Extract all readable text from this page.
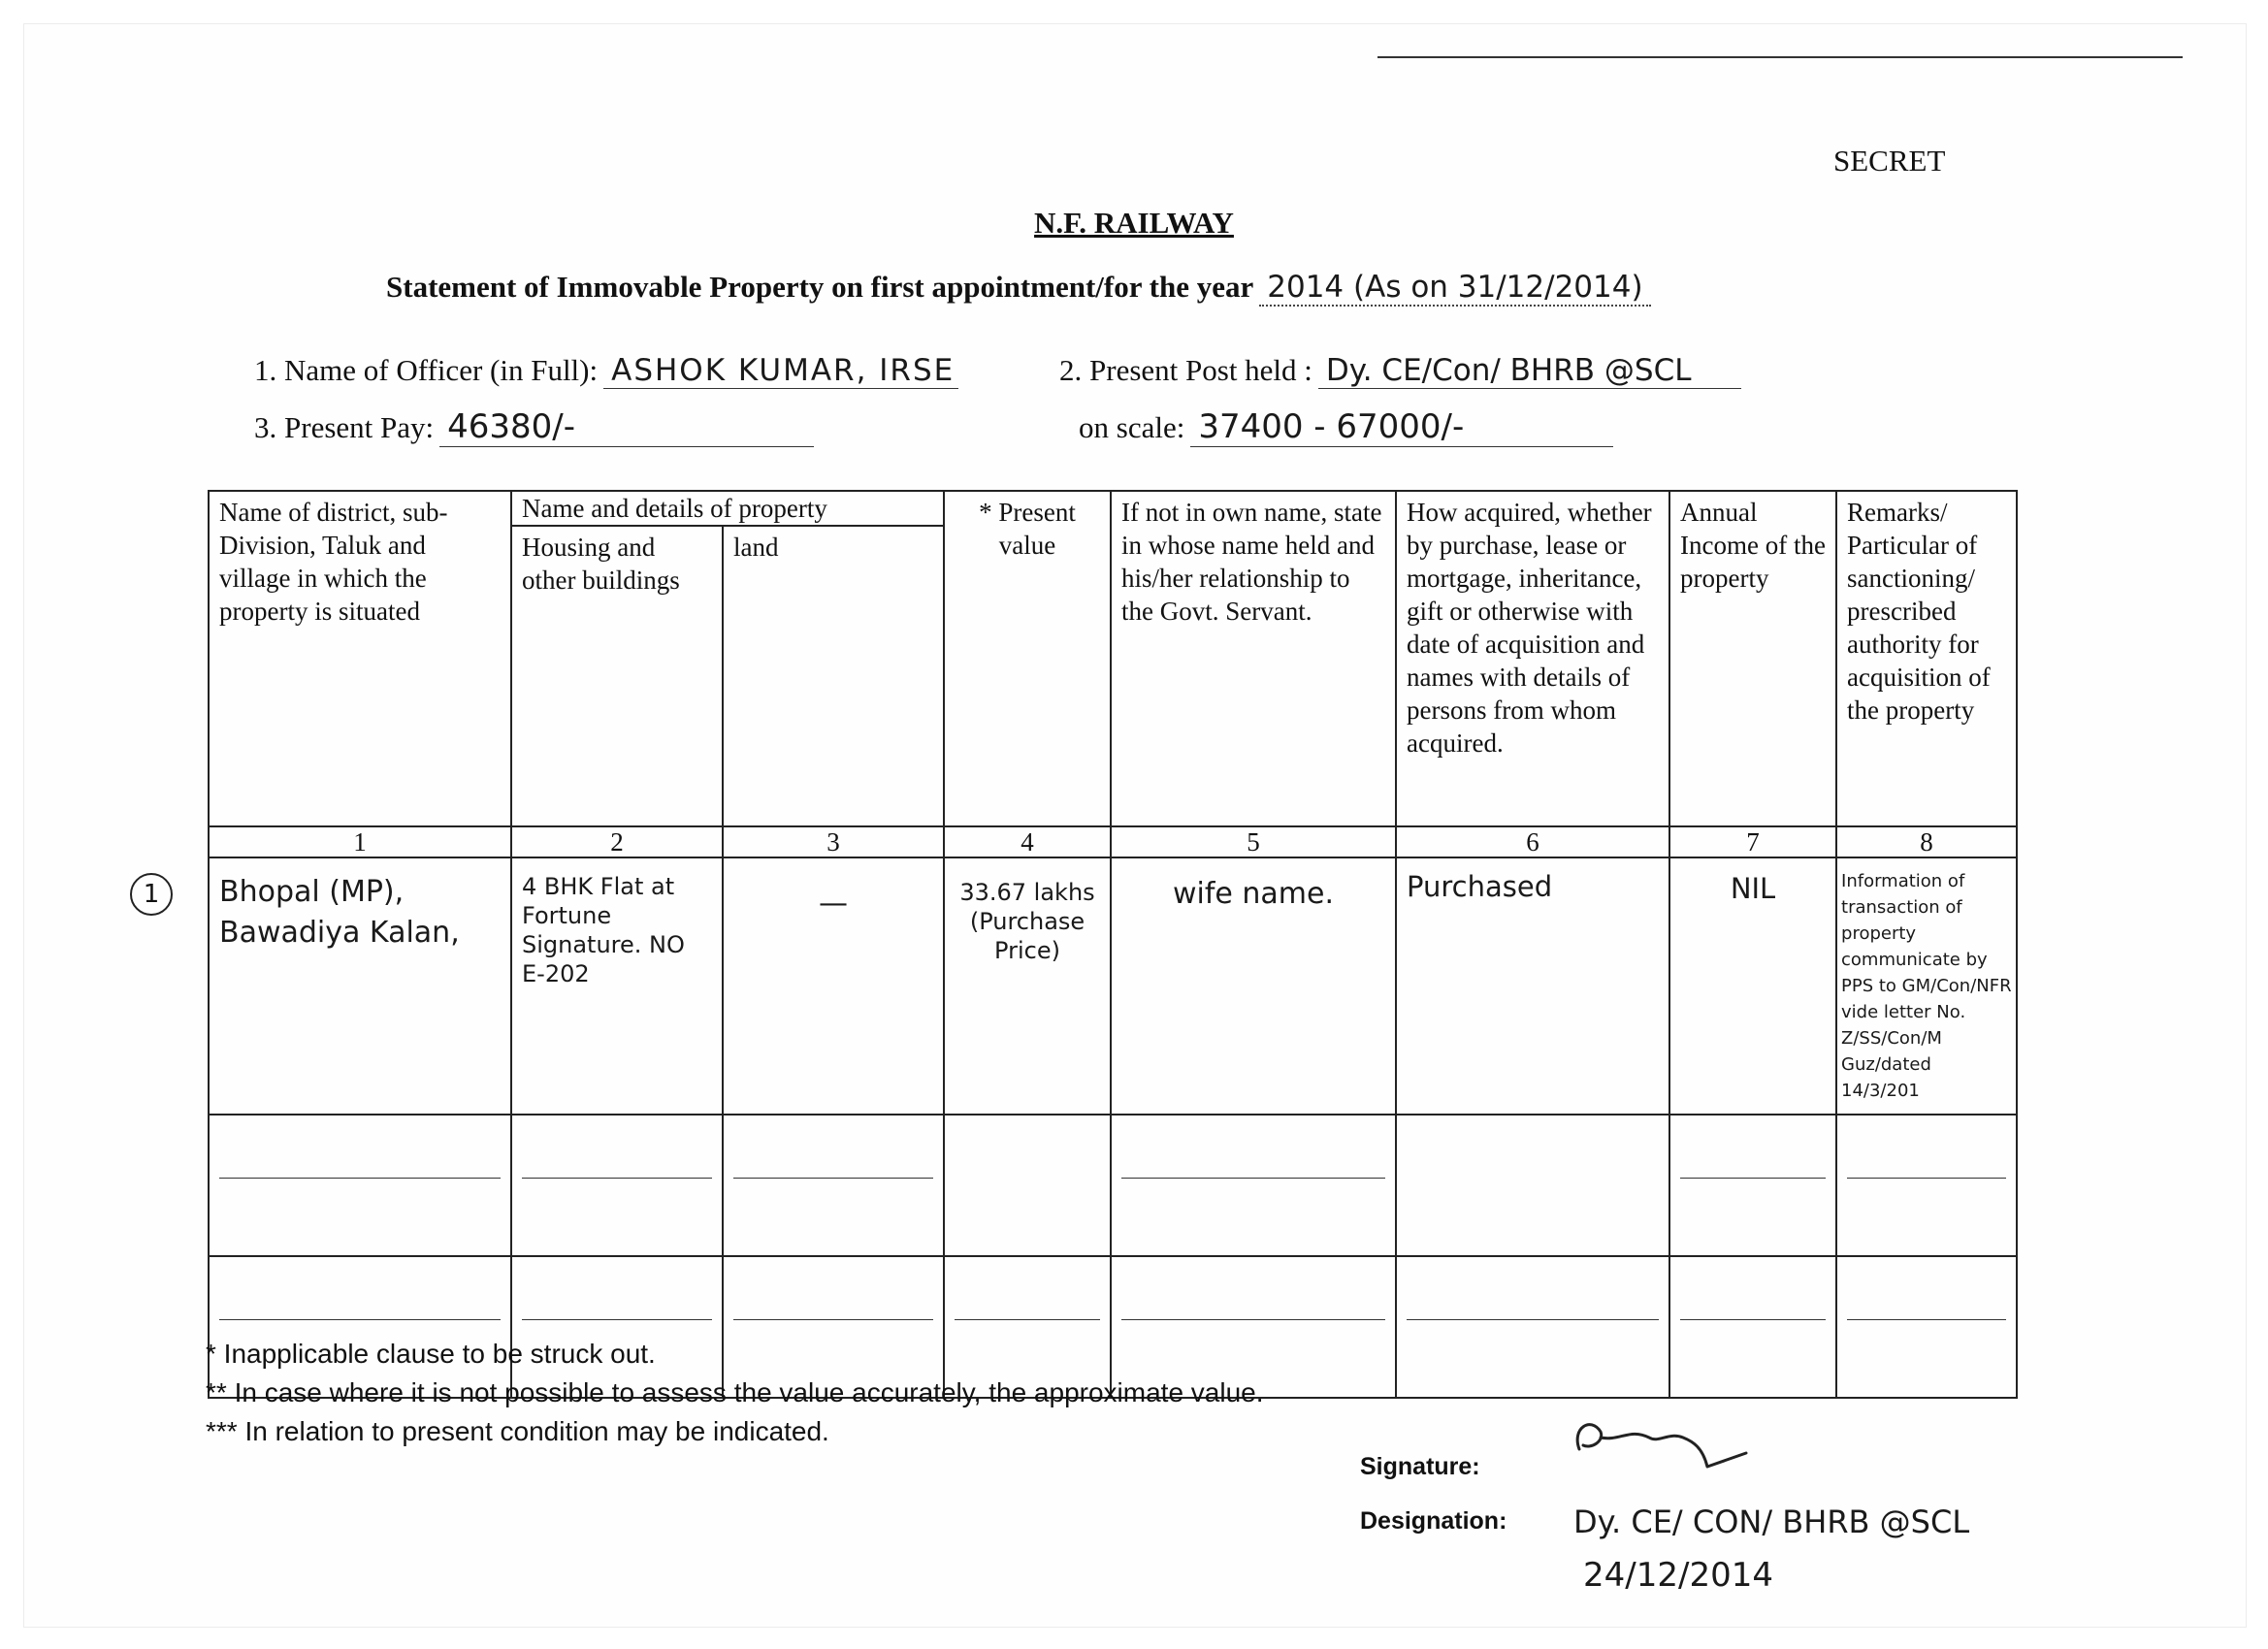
SECRET
N.F. RAILWAY
Statement of Immovable Property on first appointment/for the year 2014 (As on 31/12/2014)
1. Name of Officer (in Full): ASHOK KUMAR, IRSE	2. Present Post held : Dy. CE/Con/ BHRB @SCL
3. Present Pay: 46380/-	on scale: 37400 - 67000/-
Name of district, sub-Division, Taluk and village in which the property is situated	Name and details of property		* Present value	If not in own name, state in whose name held and his/her relationship to the Govt. Servant.	How acquired, whether by purchase, lease or mortgage, inheritance, gift or otherwise with date of acquisition and names with details of persons from whom acquired.	Annual Income of the property	Remarks/ Particular of sanctioning/ prescribed authority for acquisition of the property
	Housing and other buildings	land					
1	2	3	4	5	6	7	8
Bhopal (MP), Bawadiya Kalan,	4 BHK Flat at Fortune Signature. NO E-202	—	33.67 lakhs (Purchase Price)	wife name.	Purchased	NIL	Information of transaction of property communicate by PPS to GM/Con/NFR vide letter No. Z/SS/Con/M Guz/dated 14/3/201

1
* Inapplicable clause to be struck out.
** In case where it is not possible to assess the value accurately, the approximate value.
*** In relation to present condition may be indicated.
Signature:
Designation: Dy. CE/ CON/ BHRB @SCL
24/12/2014
